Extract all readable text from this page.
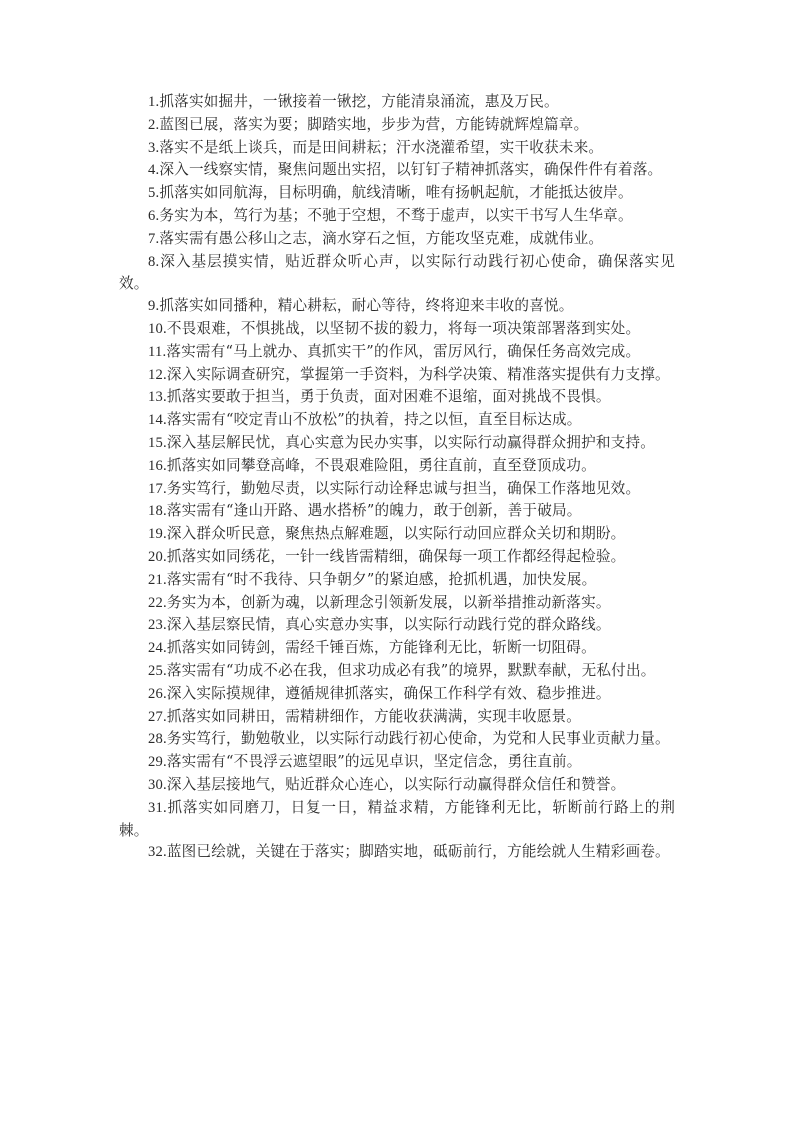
1.抓落实如掘井，一锹接着一锹挖，方能清泉涌流，惠及万民。

2.蓝图已展，落实为要；脚踏实地，步步为营，方能铸就辉煌篇章。

3.落实不是纸上谈兵，而是田间耕耘；汗水浇灌希望，实干收获未来。

4.深入一线察实情，聚焦问题出实招，以钉钉子精神抓落实，确保件件有着落。

5.抓落实如同航海，目标明确，航线清晰，唯有扬帆起航，才能抵达彼岸。

6.务实为本，笃行为基；不驰于空想，不骛于虚声，以实干书写人生华章。

7.落实需有愚公移山之志，滴水穿石之恒，方能攻坚克难，成就伟业。

8.深入基层摸实情，贴近群众听心声，以实际行动践行初心使命，确保落实见效。

9.抓落实如同播种，精心耕耘，耐心等待，终将迎来丰收的喜悦。

10.不畏艰难，不惧挑战，以坚韧不拔的毅力，将每一项决策部署落到实处。

11.落实需有“马上就办、真抓实干”的作风，雷厉风行，确保任务高效完成。

12.深入实际调查研究，掌握第一手资料，为科学决策、精准落实提供有力支撑。

13.抓落实要敢于担当，勇于负责，面对困难不退缩，面对挑战不畏惧。

14.落实需有“咬定青山不放松”的执着，持之以恒，直至目标达成。

15.深入基层解民忧，真心实意为民办实事，以实际行动赢得群众拥护和支持。

16.抓落实如同攀登高峰，不畏艰难险阻，勇往直前，直至登顶成功。

17.务实笃行，勤勉尽责，以实际行动诠释忠诚与担当，确保工作落地见效。

18.落实需有“逢山开路、遇水搭桥”的魄力，敢于创新，善于破局。

19.深入群众听民意，聚焦热点解难题，以实际行动回应群众关切和期盼。

20.抓落实如同绣花，一针一线皆需精细，确保每一项工作都经得起检验。

21.落实需有“时不我待、只争朝夕”的紧迫感，抢抓机遇，加快发展。

22.务实为本，创新为魂，以新理念引领新发展，以新举措推动新落实。

23.深入基层察民情，真心实意办实事，以实际行动践行党的群众路线。

24.抓落实如同铸剑，需经千锤百炼，方能锋利无比，斩断一切阻碍。

25.落实需有“功成不必在我，但求功成必有我”的境界，默默奉献，无私付出。

26.深入实际摸规律，遵循规律抓落实，确保工作科学有效、稳步推进。

27.抓落实如同耕田，需精耕细作，方能收获满满，实现丰收愿景。

28.务实笃行，勤勉敬业，以实际行动践行初心使命，为党和人民事业贡献力量。

29.落实需有“不畏浮云遮望眼”的远见卓识，坚定信念，勇往直前。

30.深入基层接地气，贴近群众心连心，以实际行动赢得群众信任和赞誉。

31.抓落实如同磨刀，日复一日，精益求精，方能锋利无比，斩断前行路上的荆棘。

32.蓝图已绘就，关键在于落实；脚踏实地，砥砺前行，方能绘就人生精彩画卷。
